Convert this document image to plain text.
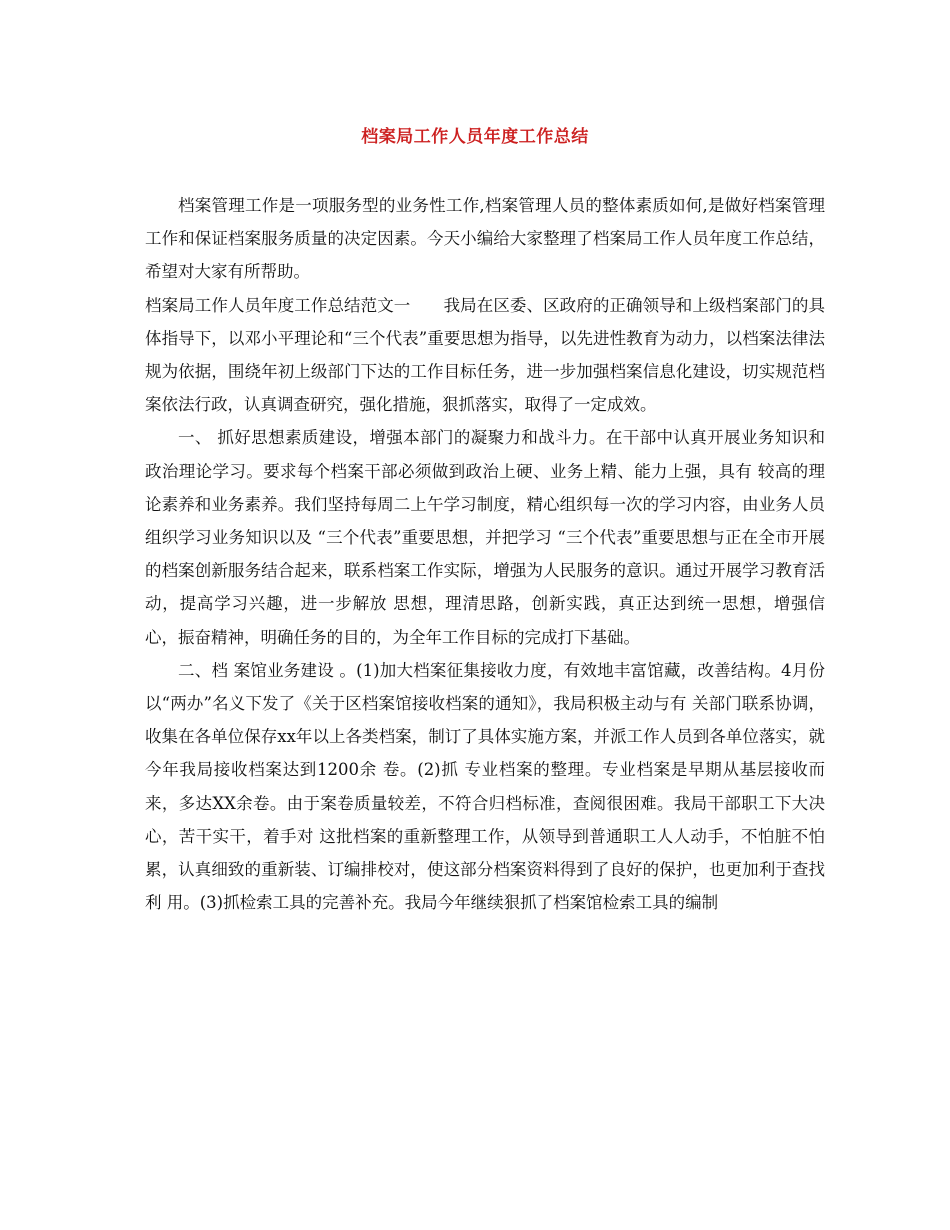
档案局工作人员年度工作总结

档案管理工作是一项服务型的业务性工作,档案管理人员的整体素质如何,是做好档案管理工作和保证档案服务质量的决定因素。今天小编给大家整理了档案局工作人员年度工作总结，希望对大家有所帮助。

档案局工作人员年度工作总结范文一　　我局在区委、区政府的正确领导和上级档案部门的具体指导下，以邓小平理论和“三个代表”重要思想为指导，以先进性教育为动力，以档案法律法规为依据，围绕年初上级部门下达的工作目标任务，进一步加强档案信息化建设，切实规范档案依法行政，认真调查研究，强化措施，狠抓落实，取得了一定成效。

一、 抓好思想素质建设，增强本部门的凝聚力和战斗力。在干部中认真开展业务知识和政治理论学习。要求每个档案干部必须做到政治上硬、业务上精、能力上强，具有 较高的理论素养和业务素养。我们坚持每周二上午学习制度，精心组织每一次的学习内容，由业务人员组织学习业务知识以及 “三个代表”重要思想，并把学习 “三个代表”重要思想与正在全市开展的档案创新服务结合起来，联系档案工作实际，增强为人民服务的意识。通过开展学习教育活动，提高学习兴趣，进一步解放 思想，理清思路，创新实践，真正达到统一思想，增强信心，振奋精神，明确任务的目的，为全年工作目标的完成打下基础。

二、档 案馆业务建设 。(1)加大档案征集接收力度，有效地丰富馆藏，改善结构。4月份以“两办”名义下发了《关于区档案馆接收档案的通知》，我局积极主动与有 关部门联系协调，收集在各单位保存xx年以上各类档案，制订了具体实施方案，并派工作人员到各单位落实，就今年我局接收档案达到1200余 卷。(2)抓 专业档案的整理。专业档案是早期从基层接收而来，多达XX余卷。由于案卷质量较差，不符合归档标准，查阅很困难。我局干部职工下大决心，苦干实干，着手对 这批档案的重新整理工作，从领导到普通职工人人动手，不怕脏不怕累，认真细致的重新装、订编排校对，使这部分档案资料得到了良好的保护，也更加利于查找利 用。(3)抓检索工具的完善补充。我局今年继续狠抓了档案馆检索工具的编制
